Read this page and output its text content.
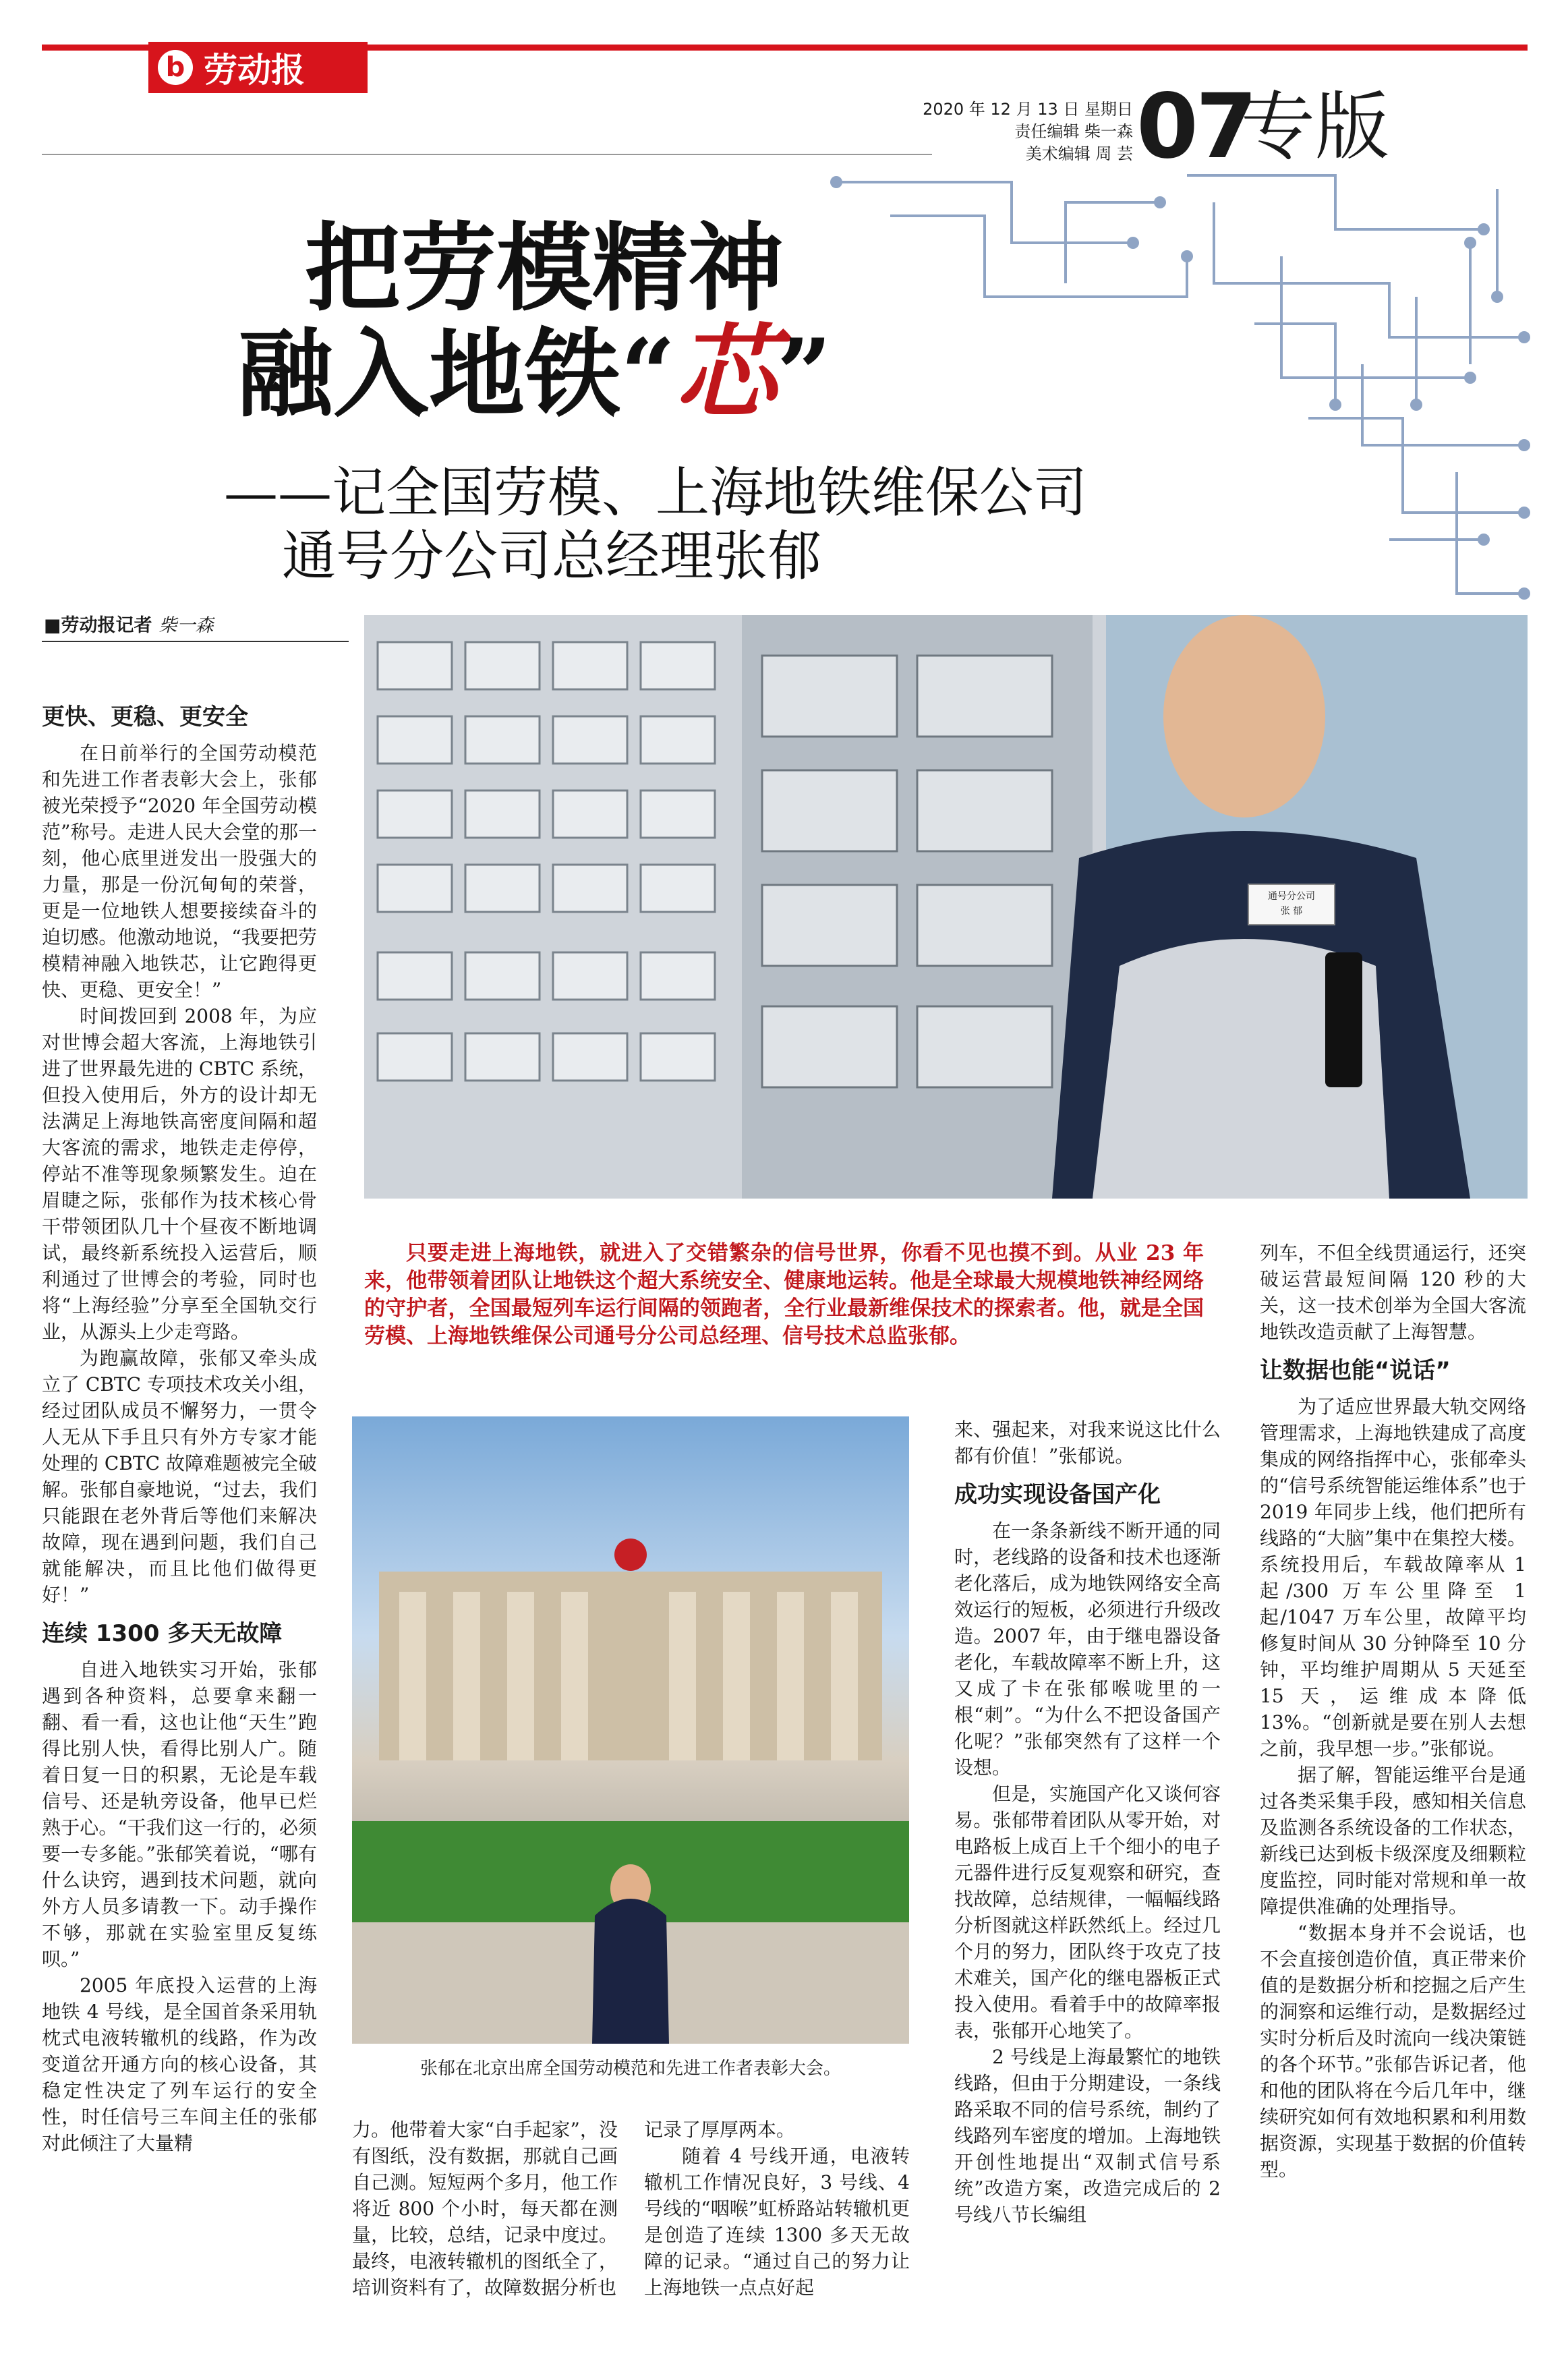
b 劳动报
2020 年 12 月 13 日 星期日
责任编辑 柴一森
美术编辑 周 芸 07
专版
把劳模精神
融入地铁“芯”
——记全国劳模、上海地铁维保公司
通号分公司总经理张郁
■劳动报记者 柴一森
通号分公司
张 郁
只要走进上海地铁，就进入了交错繁杂的信号世界，你看不见也摸不到。从业 23 年来，他带领着团队让地铁这个超大系统安全、健康地运转。他是全球最大规模地铁神经网络的守护者，全国最短列车运行间隔的领跑者，全行业最新维保技术的探索者。他，就是全国劳模、上海地铁维保公司通号分公司总经理、信号技术总监张郁。
张郁在北京出席全国劳动模范和先进工作者表彰大会。
更快、更稳、更安全

在日前举行的全国劳动模范和先进工作者表彰大会上，张郁被光荣授予“2020 年全国劳动模范”称号。走进人民大会堂的那一刻，他心底里迸发出一股强大的力量，那是一份沉甸甸的荣誉，更是一位地铁人想要接续奋斗的迫切感。他激动地说，“我要把劳模精神融入地铁芯，让它跑得更快、更稳、更安全！”

时间拨回到 2008 年，为应对世博会超大客流，上海地铁引进了世界最先进的 CBTC 系统，但投入使用后，外方的设计却无法满足上海地铁高密度间隔和超大客流的需求，地铁走走停停，停站不准等现象频繁发生。迫在眉睫之际，张郁作为技术核心骨干带领团队几十个昼夜不断地调试，最终新系统投入运营后，顺利通过了世博会的考验，同时也将“上海经验”分享至全国轨交行业，从源头上少走弯路。

为跑赢故障，张郁又牵头成立了 CBTC 专项技术攻关小组，经过团队成员不懈努力，一贯令人无从下手且只有外方专家才能处理的 CBTC 故障难题被完全破解。张郁自豪地说，“过去，我们只能跟在老外背后等他们来解决故障，现在遇到问题，我们自己就能解决，而且比他们做得更好！”

连续 1300 多天无故障

自进入地铁实习开始，张郁遇到各种资料，总要拿来翻一翻、看一看，这也让他“天生”跑得比别人快，看得比别人广。随着日复一日的积累，无论是车载信号、还是轨旁设备，他早已烂熟于心。“干我们这一行的，必须要一专多能。”张郁笑着说，“哪有什么诀窍，遇到技术问题，就向外方人员多请教一下。动手操作不够，那就在实验室里反复练呗。”

2005 年底投入运营的上海地铁 4 号线，是全国首条采用轨枕式电液转辙机的线路，作为改变道岔开通方向的核心设备，其稳定性决定了列车运行的安全性，时任信号三车间主任的张郁对此倾注了大量精

力。他带着大家“白手起家”，没有图纸，没有数据，那就自己画自己测。短短两个多月，他工作将近 800 个小时，每天都在测量，比较，总结，记录中度过。最终，电液转辙机的图纸全了，培训资料有了，故障数据分析也

记录了厚厚两本。

随着 4 号线开通，电液转辙机工作情况良好，3 号线、4 号线的“咽喉”虹桥路站转辙机更是创造了连续 1300 多天无故障的记录。“通过自己的努力让上海地铁一点点好起

来、强起来，对我来说这比什么都有价值！”张郁说。

成功实现设备国产化

在一条条新线不断开通的同时，老线路的设备和技术也逐渐老化落后，成为地铁网络安全高效运行的短板，必须进行升级改造。2007 年，由于继电器设备老化，车载故障率不断上升，这又成了卡在张郁喉咙里的一根“刺”。“为什么不把设备国产化呢？”张郁突然有了这样一个设想。

但是，实施国产化又谈何容易。张郁带着团队从零开始，对电路板上成百上千个细小的电子元器件进行反复观察和研究，查找故障，总结规律，一幅幅线路分析图就这样跃然纸上。经过几个月的努力，团队终于攻克了技术难关，国产化的继电器板正式投入使用。看着手中的故障率报表，张郁开心地笑了。

2 号线是上海最繁忙的地铁线路，但由于分期建设，一条线路采取不同的信号系统，制约了线路列车密度的增加。上海地铁开创性地提出“双制式信号系统”改造方案，改造完成后的 2 号线八节长编组

列车，不但全线贯通运行，还突破运营最短间隔 120 秒的大关，这一技术创举为全国大客流地铁改造贡献了上海智慧。

让数据也能“说话”

为了适应世界最大轨交网络管理需求，上海地铁建成了高度集成的网络指挥中心，张郁牵头的“信号系统智能运维体系”也于 2019 年同步上线，他们把所有线路的“大脑”集中在集控大楼。系统投用后，车载故障率从 1 起/300 万车公里降至 1 起/1047 万车公里，故障平均修复时间从 30 分钟降至 10 分钟，平均维护周期从 5 天延至 15 天，运维成本降低 13%。“创新就是要在别人去想之前，我早想一步。”张郁说。

据了解，智能运维平台是通过各类采集手段，感知相关信息及监测各系统设备的工作状态，新线已达到板卡级深度及细颗粒度监控，同时能对常规和单一故障提供准确的处理指导。

“数据本身并不会说话，也不会直接创造价值，真正带来价值的是数据分析和挖掘之后产生的洞察和运维行动，是数据经过实时分析后及时流向一线决策链的各个环节。”张郁告诉记者，他和他的团队将在今后几年中，继续研究如何有效地积累和利用数据资源，实现基于数据的价值转型。
